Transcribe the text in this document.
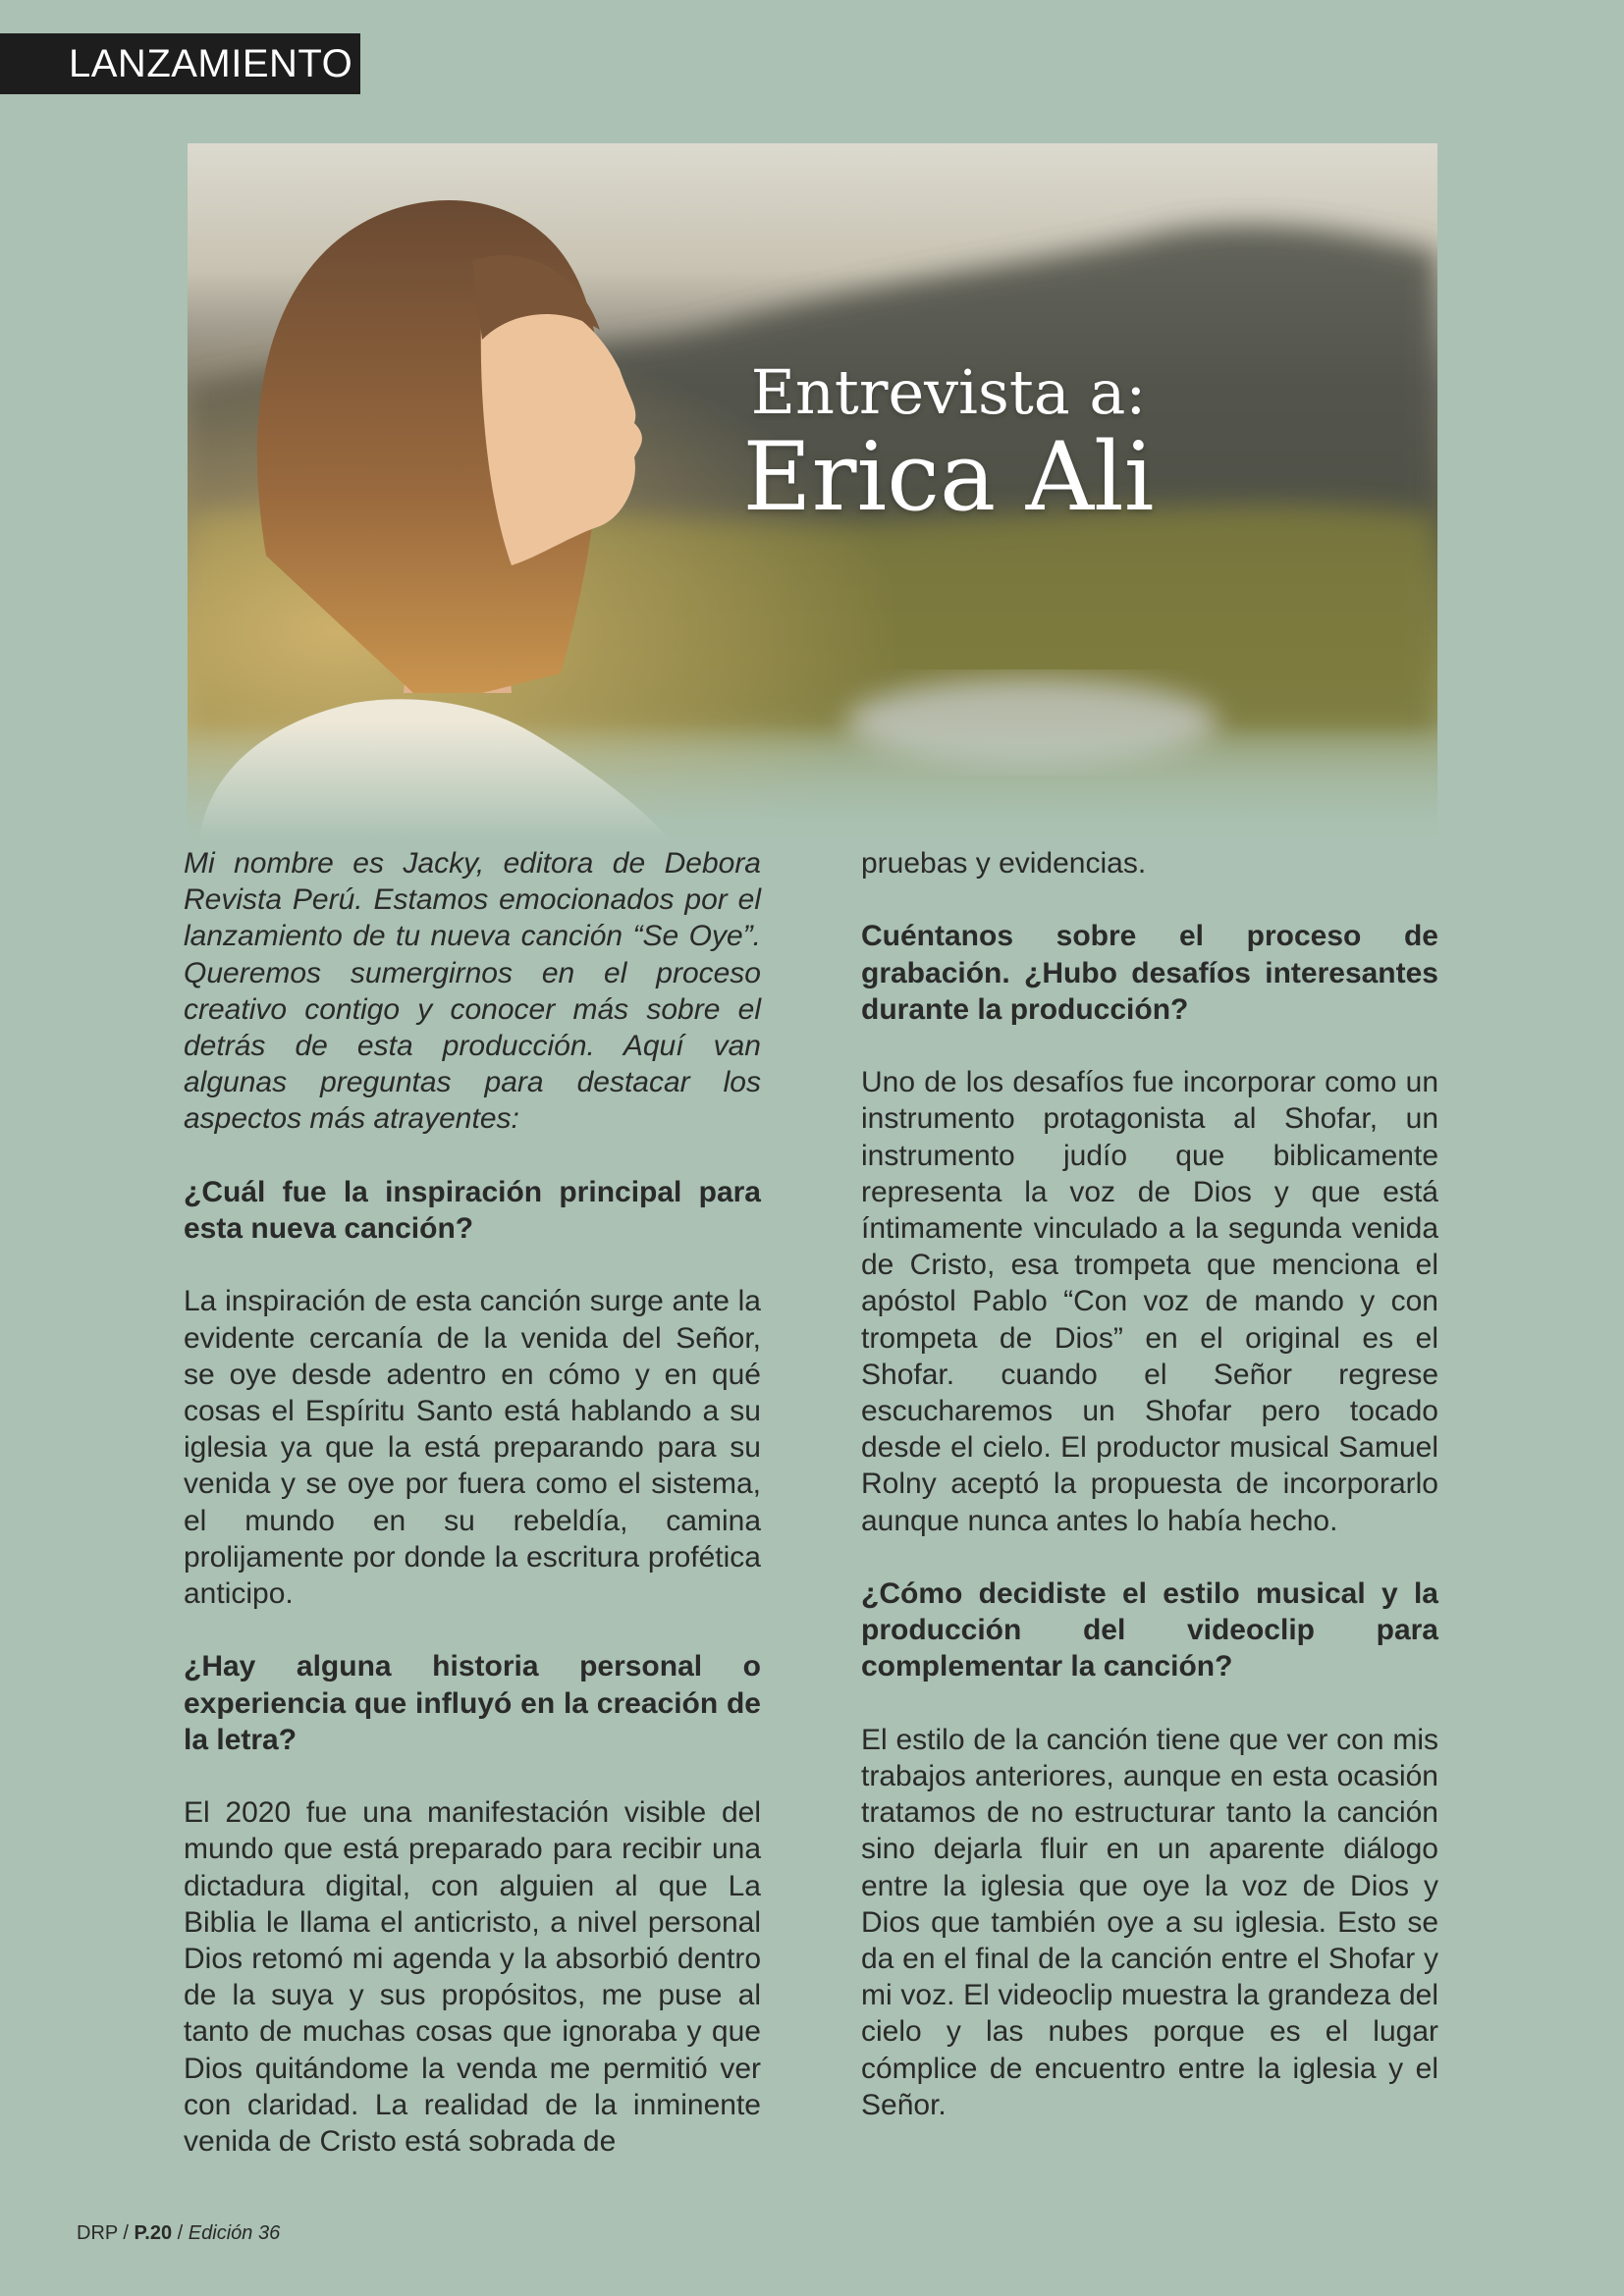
LANZAMIENTO
Entrevista a:
Erica Ali

Mi nombre es Jacky, editora de Debora Revista Perú. Estamos emocionados por el lanzamiento de tu nueva canción “Se Oye”. Queremos sumergirnos en el proceso creativo contigo y conocer más sobre el detrás de esta producción. Aquí van algunas preguntas para destacar los aspectos más atrayentes:

¿Cuál fue la inspiración principal para esta nueva canción?

La inspiración de esta canción surge ante la evidente cercanía de la venida del Señor, se oye desde adentro en cómo y en qué cosas el Espíritu Santo está hablando a su iglesia ya que la está preparando para su venida y se oye por fuera como el sistema, el mundo en su rebeldía, camina prolijamente por donde la escritura profética anticipo.

¿Hay alguna historia personal o experiencia que influyó en la creación de la letra?

El 2020 fue una manifestación visible del mundo que está preparado para recibir una dictadura digital, con alguien al que La Biblia le llama el anticristo, a nivel personal Dios retomó mi agenda y la absorbió dentro de la suya y sus propósitos, me puse al tanto de muchas cosas que ignoraba y que Dios quitándome la venda me permitió ver con claridad. La realidad de la inminente venida de Cristo está sobrada de

pruebas y evidencias.

Cuéntanos sobre el proceso de grabación. ¿Hubo desafíos interesantes durante la producción?

Uno de los desafíos fue incorporar como un instrumento protagonista al Shofar, un instrumento judío que biblicamente representa la voz de Dios y que está íntimamente vinculado a la segunda venida de Cristo, esa trompeta que menciona el apóstol Pablo “Con voz de mando y con trompeta de Dios” en el original es el Shofar. cuando el Señor regrese escucharemos un Shofar pero tocado desde el cielo. El productor musical Samuel Rolny aceptó la propuesta de incorporarlo aunque nunca antes lo había hecho.

¿Cómo decidiste el estilo musical y la producción del videoclip para complementar la canción?

El estilo de la canción tiene que ver con mis trabajos anteriores, aunque en esta ocasión tratamos de no estructurar tanto la canción sino dejarla fluir en un aparente diálogo entre la iglesia que oye la voz de Dios y Dios que también oye a su iglesia. Esto se da en el final de la canción entre el Shofar y mi voz. El videoclip muestra la grandeza del cielo y las nubes porque es el lugar cómplice de encuentro entre la iglesia y el Señor.

DRP / P.20 / Edición 36
